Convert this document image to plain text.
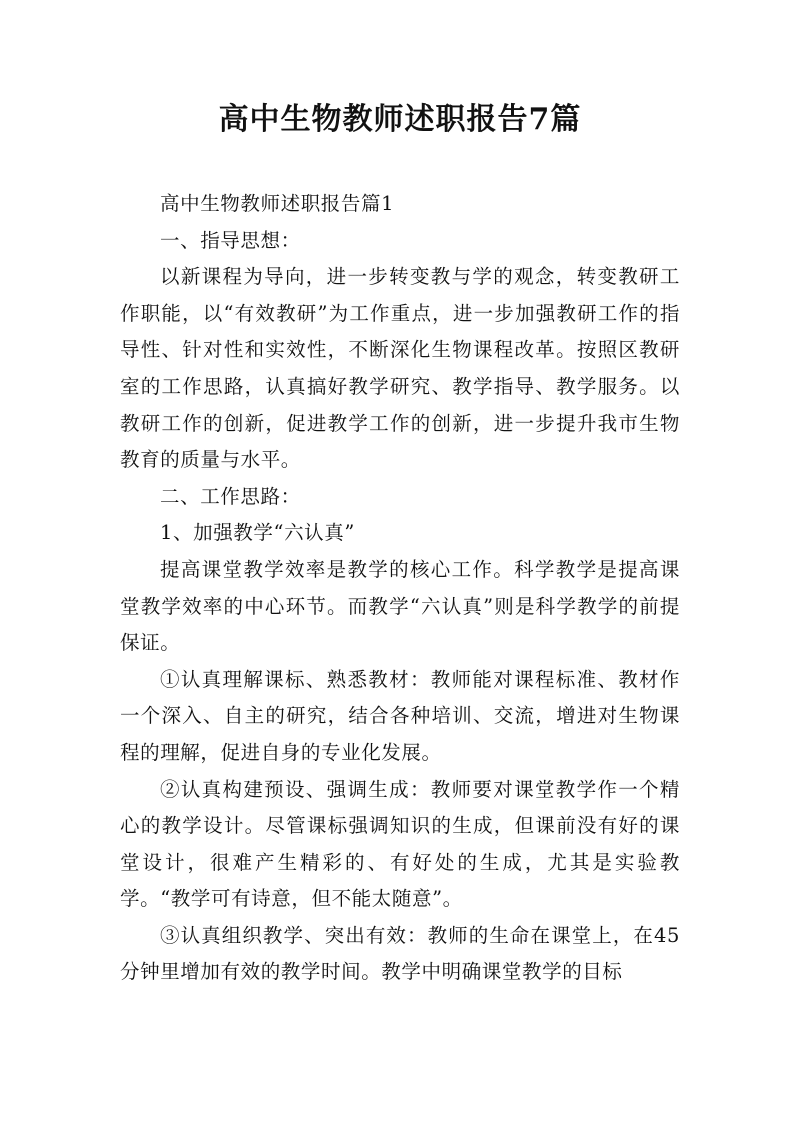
高中生物教师述职报告7篇

高中生物教师述职报告篇1

一、指导思想：

以新课程为导向，进一步转变教与学的观念，转变教研工作职能，以“有效教研”为工作重点，进一步加强教研工作的指导性、针对性和实效性，不断深化生物课程改革。按照区教研室的工作思路，认真搞好教学研究、教学指导、教学服务。以教研工作的创新，促进教学工作的创新，进一步提升我市生物教育的质量与水平。

二、工作思路：

1、加强教学“六认真”

提高课堂教学效率是教学的核心工作。科学教学是提高课堂教学效率的中心环节。而教学“六认真”则是科学教学的前提保证。

①认真理解课标、熟悉教材：教师能对课程标准、教材作一个深入、自主的研究，结合各种培训、交流，增进对生物课程的理解，促进自身的专业化发展。

②认真构建预设、强调生成：教师要对课堂教学作一个精心的教学设计。尽管课标强调知识的生成，但课前没有好的课堂设计，很难产生精彩的、有好处的生成，尤其是实验教学。“教学可有诗意，但不能太随意”。

③认真组织教学、突出有效：教师的生命在课堂上，在45分钟里增加有效的教学时间。教学中明确课堂教学的目标
